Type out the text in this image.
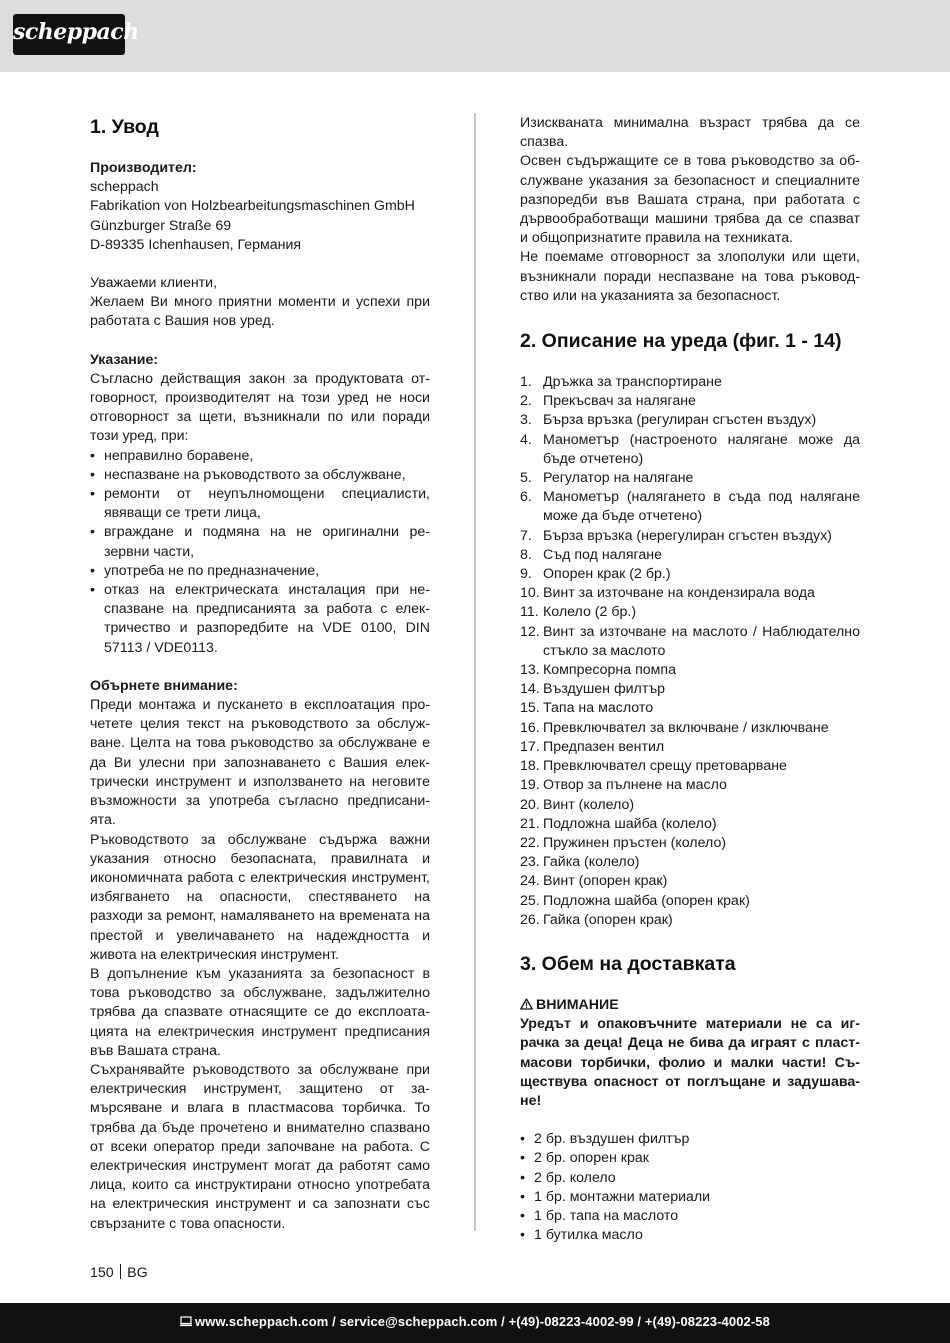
scheppach
1. Увод
Производител:
scheppach
Fabrikation von Holzbearbeitungsmaschinen GmbH
Günzburger Straße 69
D-89335 Ichenhausen, Германия
Уважаеми клиенти,
Желаем Ви много приятни моменти и успехи при работата с Вашия нов уред.
Указание:
Съгласно действащия закон за продуктовата отговорност, производителят на този уред не носи отговорност за щети, възникнали по или поради този уред, при:
• неправилно боравене,
• неспазване на ръководството за обслужване,
• ремонти от неупълномощени специалисти, явяващи се трети лица,
• вграждане и подмяна на не оригинални резервни части,
• употреба не по предназначение,
• отказ на електрическата инсталация при неспазване на предписанията за работа с електричество и разпоредбите на VDE 0100, DIN 57113 / VDE0113.
Обърнете внимание:
Преди монтажа и пускането в експлоатация прочетете целия текст на ръководството за обслужване. Целта на това ръководство за обслужване е да Ви улесни при запознаването с Вашия електрически инструмент и използването на неговите възможности за употреба съгласно предписанията.
Ръководството за обслужване съдържа важни указания относно безопасната, правилната и икономичната работа с електрическия инструмент, избягването на опасности, спестяването на разходи за ремонт, намаляването на времената на престой и увеличаването на надеждността и живота на електрическия инструмент.
В допълнение към указанията за безопасност в това ръководство за обслужване, задължително трябва да спазвате отнасящите се до експлоатацията на електрическия инструмент предписания във Вашата страна.
Съхранявайте ръководството за обслужване при електрическия инструмент, защитено от замърсяване и влага в пластмасова торбичка. То трябва да бъде прочетено и внимателно спазвано от всеки оператор преди започване на работа. С електрическия инструмент могат да работят само лица, които са инструктирани относно употребата на електрическия инструмент и са запознати със свързаните с това опасности.
Изискваната минимална възраст трябва да се спазва.
Освен съдържащите се в това ръководство за обслужване указания за безопасност и специалните разпоредби във Вашата страна, при работата с дървообработващи машини трябва да се спазват и общопризнатите правила на техниката.
Не поемаме отговорност за злополуки или щети, възникнали поради неспазване на това ръководство или на указанията за безопасност.
2. Описание на уреда (фиг. 1 - 14)
1. Дръжка за транспортиране
2. Прекъсвач за налягане
3. Бърза връзка (регулиран сгъстен въздух)
4. Манометър (настроеното налягане може да бъде отчетено)
5. Регулатор на налягане
6. Манометър (налягането в съда под налягане може да бъде отчетено)
7. Бърза връзка (нерегулиран сгъстен въздух)
8. Съд под налягане
9. Опорен крак (2 бр.)
10. Винт за източване на кондензирала вода
11. Колело (2 бр.)
12. Винт за източване на маслото / Наблюдателно стъкло за маслото
13. Компресорна помпа
14. Въздушен филтър
15. Тапа на маслото
16. Превключвател за включване / изключване
17. Предпазен вентил
18. Превключвател срещу претоварване
19. Отвор за пълнене на масло
20. Винт (колело)
21. Подложна шайба (колело)
22. Пружинен пръстен (колело)
23. Гайка (колело)
24. Винт (опорен крак)
25. Подложна шайба (опорен крак)
26. Гайка (опорен крак)
3. Обем на доставката
ВНИМАНИЕ
Уредът и опаковъчните материали не са играчка за деца! Деца не бива да играят с пластмасови торбички, фолио и малки части! Съществува опасност от поглъщане и задушаване!
• 2 бр. въздушен филтър
• 2 бр. опорен крак
• 2 бр. колело
• 1 бр. монтажни материали
• 1 бр. тапа на маслото
• 1 бутилка масло
150 BG
www.scheppach.com / service@scheppach.com / +(49)-08223-4002-99 / +(49)-08223-4002-58
